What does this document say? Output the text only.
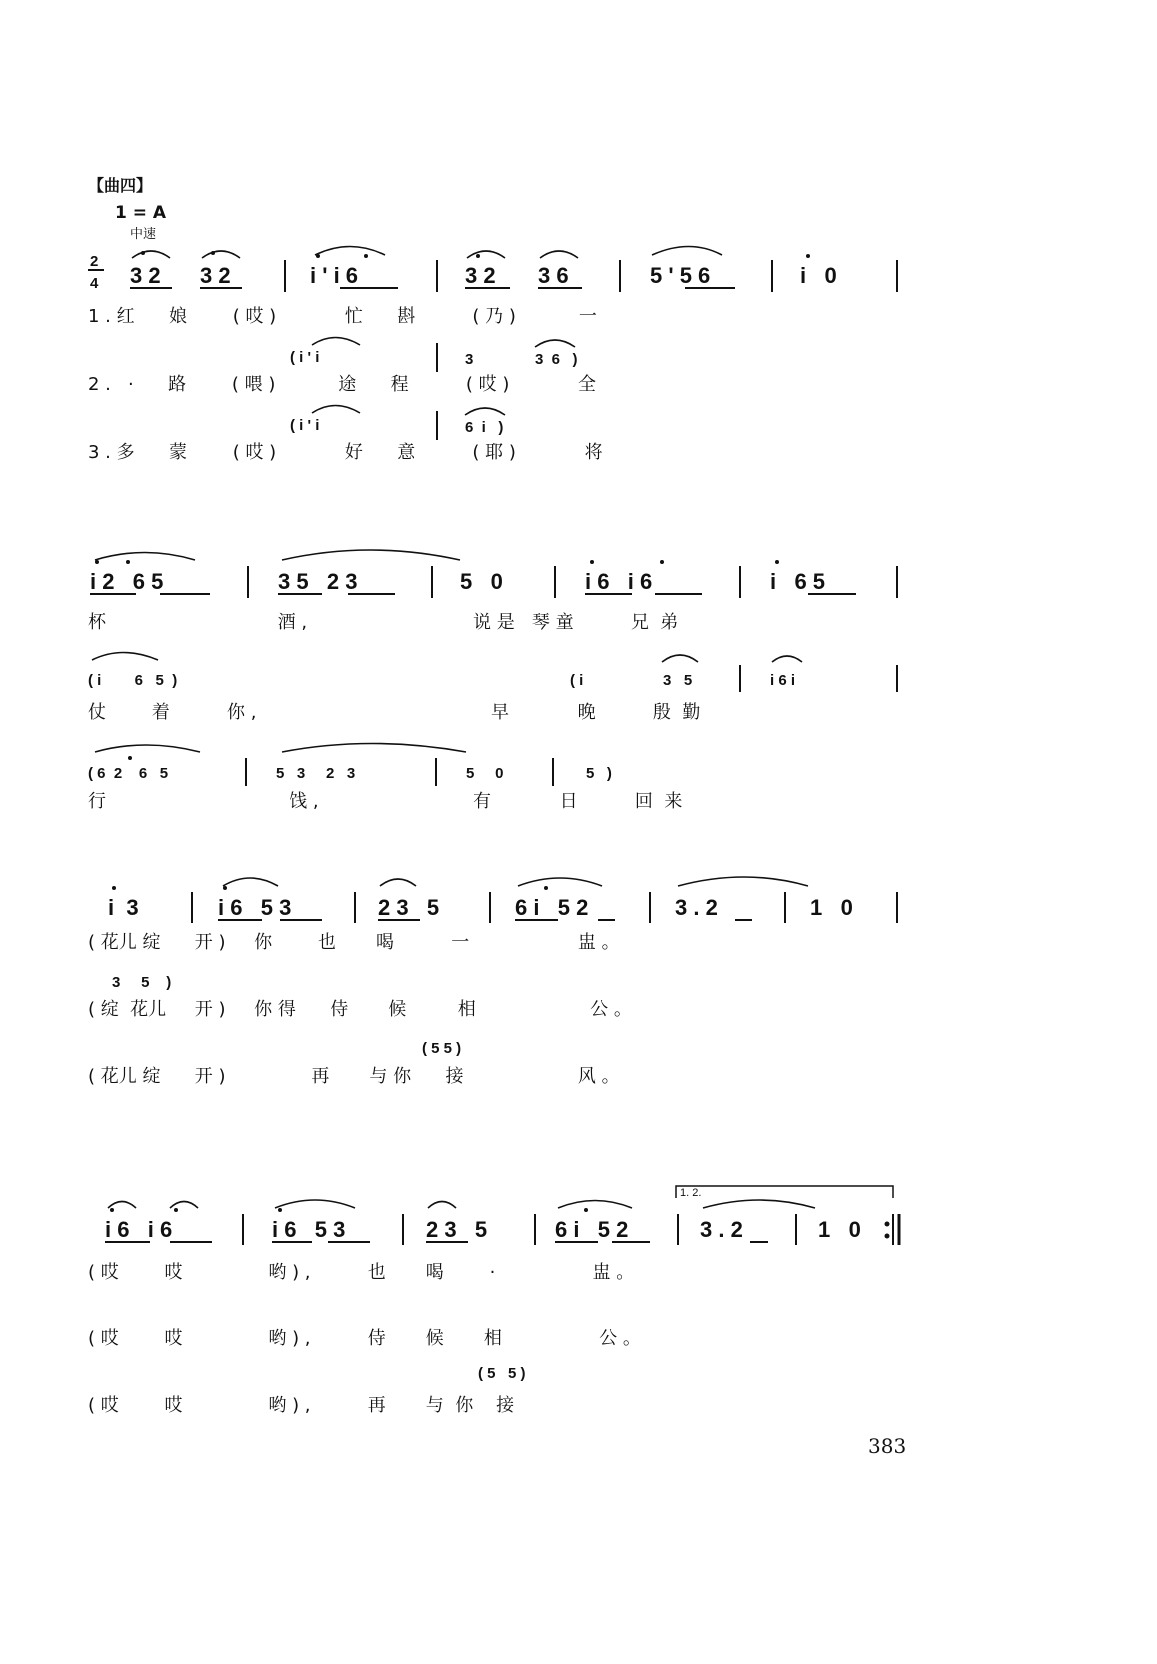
【曲四】
1 = A
中速
2
4 3 2 3 2	i ' i 6	3 2 3 6	5 ' 5 6	i   0
1 . 红      娘        ( 哎 )            忙      斟          ( 乃 )           一
( i ' i	3	3  6   )
2 .   ·      路        ( 喂 )           途      程          ( 哎 )            全
( i ' i	6  i   )
3 . 多      蒙        ( 哎 )            好      意          ( 耶 )            将
i 2   6 5	3 5   2 3	5   0	i 6   i 6	i   6 5
杯                              酒 ,                             说 是   琴 童          兄  弟
( i        6   5  )	( i	3   5	i 6 i
仗        着          你 ,                                         早            晚          殷  勤
( 6  2    6   5	5   3     2   3	5     0	5   )
行                                饯 ,                           有            日          回  来
i  3	i 6   5 3	2 3   5	6 i   5 2	3 . 2	1   0
( 花儿 绽      开 )     你        也       喝          一                   盅 。
3     5    )
( 绽  花儿     开 )     你 得      侍       候         相                    公 。
( 5 5 )
( 花儿 绽      开 )               再       与 你      接                    风 。
i 6   i 6	i 6   5 3	2 3   5	6 i   5 2	3 . 2	1   0
1. 2.
( 哎        哎               哟 ) ,          也       喝        ·                 盅 。
( 哎        哎               哟 ) ,          侍       候       相                 公 。
( 5   5 )
( 哎        哎               哟 ) ,          再       与  你    接
383
